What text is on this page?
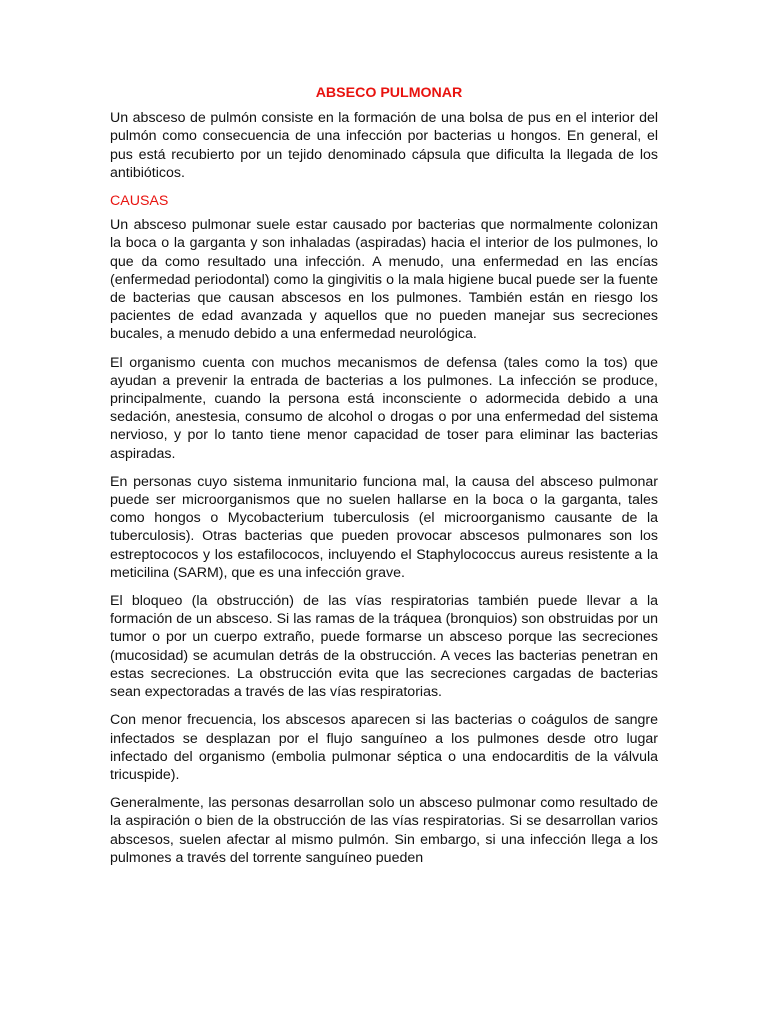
ABSECO PULMONAR

Un absceso de pulmón consiste en la formación de una bolsa de pus en el interior del pulmón como consecuencia de una infección por bacterias u hongos. En general, el pus está recubierto por un tejido denominado cápsula que dificulta la llegada de los antibióticos.

CAUSAS

Un absceso pulmonar suele estar causado por bacterias que normalmente colonizan la boca o la garganta y son inhaladas (aspiradas) hacia el interior de los pulmones, lo que da como resultado una infección. A menudo, una enfermedad en las encías (enfermedad periodontal) como la gingivitis o la mala higiene bucal puede ser la fuente de bacterias que causan abscesos en los pulmones. También están en riesgo los pacientes de edad avanzada y aquellos que no pueden manejar sus secreciones bucales, a menudo debido a una enfermedad neurológica.

El organismo cuenta con muchos mecanismos de defensa (tales como la tos) que ayudan a prevenir la entrada de bacterias a los pulmones. La infección se produce, principalmente, cuando la persona está inconsciente o adormecida debido a una sedación, anestesia, consumo de alcohol o drogas o por una enfermedad del sistema nervioso, y por lo tanto tiene menor capacidad de toser para eliminar las bacterias aspiradas.

En personas cuyo sistema inmunitario funciona mal, la causa del absceso pulmonar puede ser microorganismos que no suelen hallarse en la boca o la garganta, tales como hongos o Mycobacterium tuberculosis (el microorganismo causante de la tuberculosis). Otras bacterias que pueden provocar abscesos pulmonares son los estreptococos y los estafilococos, incluyendo el Staphylococcus aureus resistente a la meticilina (SARM), que es una infección grave.

El bloqueo (la obstrucción) de las vías respiratorias también puede llevar a la formación de un absceso. Si las ramas de la tráquea (bronquios) son obstruidas por un tumor o por un cuerpo extraño, puede formarse un absceso porque las secreciones (mucosidad) se acumulan detrás de la obstrucción. A veces las bacterias penetran en estas secreciones. La obstrucción evita que las secreciones cargadas de bacterias sean expectoradas a través de las vías respiratorias.

Con menor frecuencia, los abscesos aparecen si las bacterias o coágulos de sangre infectados se desplazan por el flujo sanguíneo a los pulmones desde otro lugar infectado del organismo (embolia pulmonar séptica o una endocarditis de la válvula tricuspide).

Generalmente, las personas desarrollan solo un absceso pulmonar como resultado de la aspiración o bien de la obstrucción de las vías respiratorias. Si se desarrollan varios abscesos, suelen afectar al mismo pulmón. Sin embargo, si una infección llega a los pulmones a través del torrente sanguíneo pueden
